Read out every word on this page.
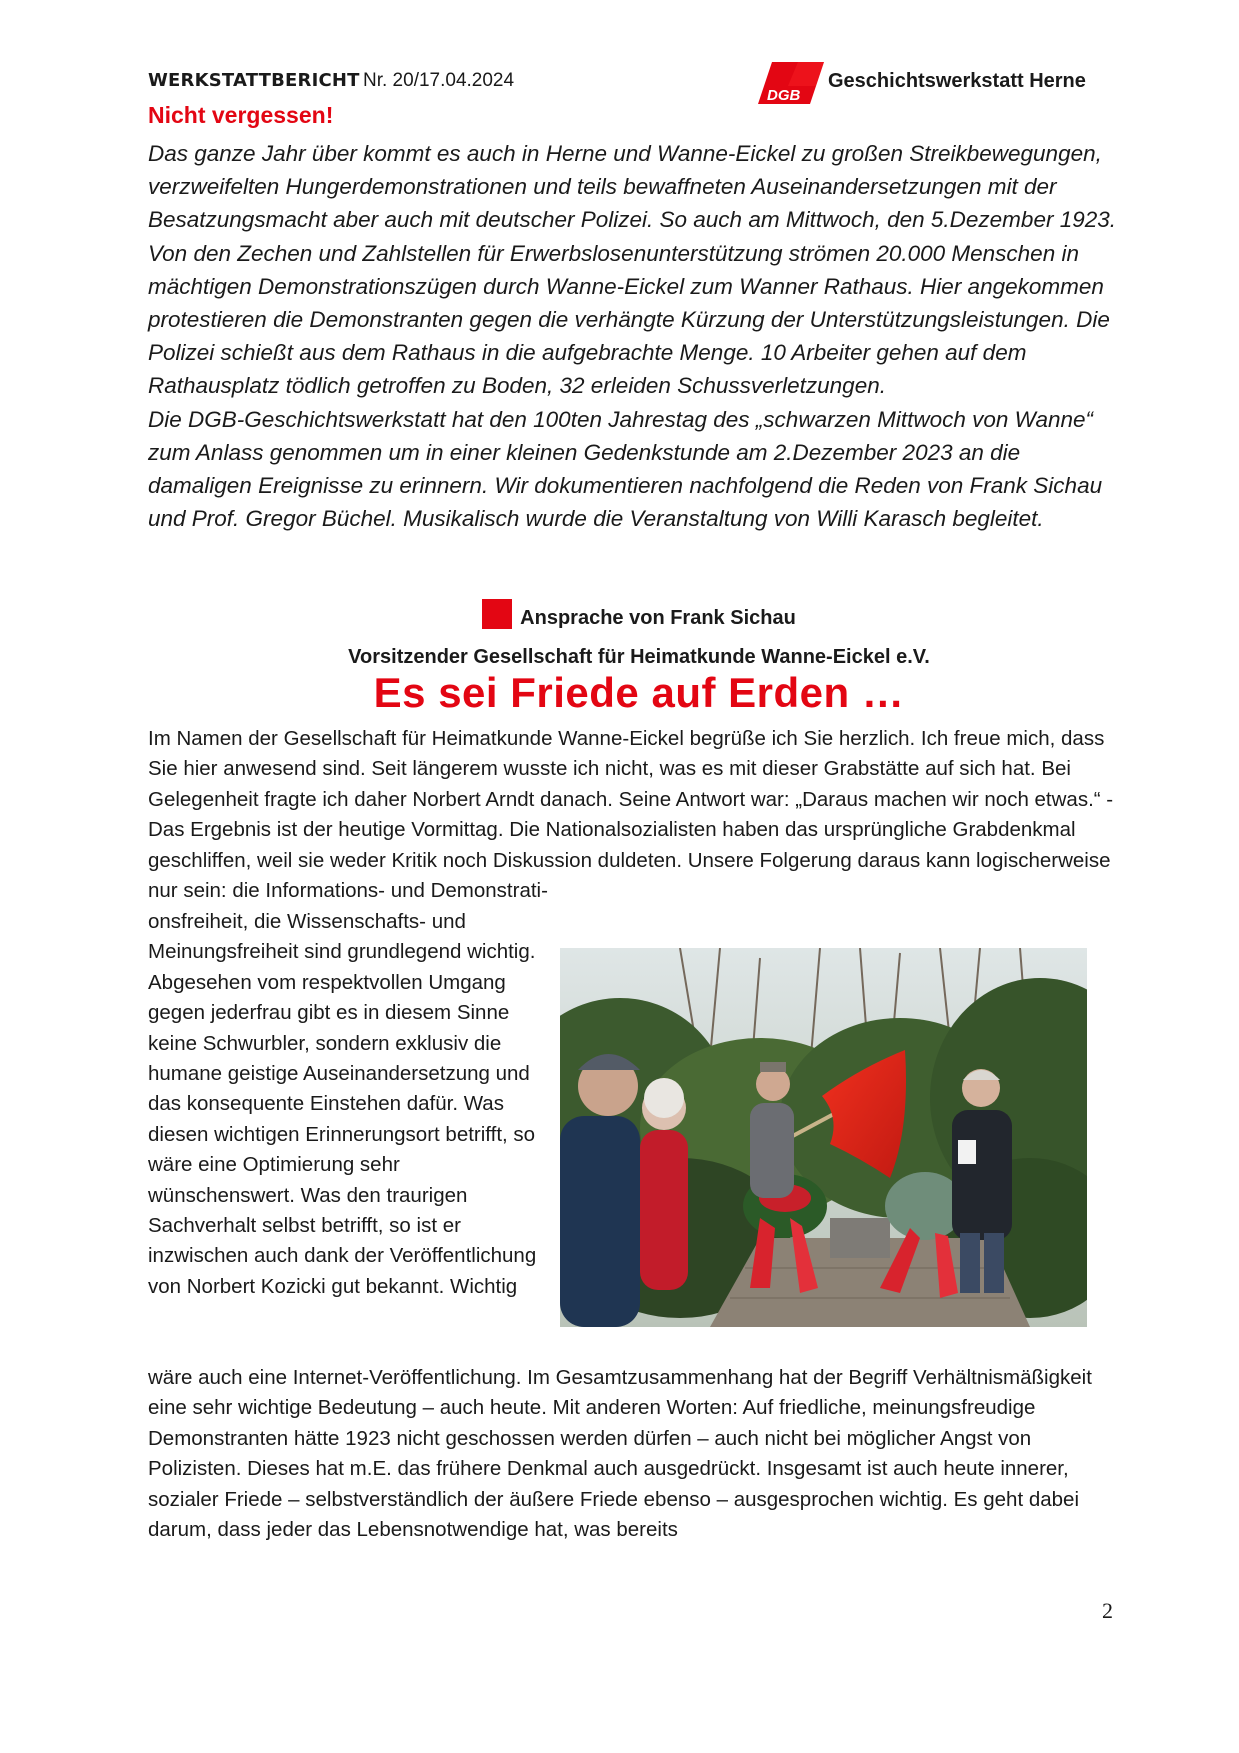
WERKSTATTBERICHT Nr. 20/17.04.2024
DGB
Geschichtswerkstatt Herne
Nicht vergessen!

Das ganze Jahr über kommt es auch in Herne und Wanne-Eickel zu großen Streikbewegungen, verzweifelten Hungerdemonstrationen und teils bewaffneten Auseinandersetzungen mit der Besatzungsmacht aber auch mit deutscher Polizei. So auch am Mittwoch, den 5.Dezember 1923. Von den Zechen und Zahlstellen für Erwerbslosenunterstützung strömen 20.000 Menschen in mächtigen Demonstrationszügen durch Wanne-Eickel zum Wanner Rathaus. Hier angekommen protestieren die Demonstranten gegen die verhängte Kürzung der Unterstützungsleistungen. Die Polizei schießt aus dem Rathaus in die aufgebrachte Menge. 10 Arbeiter gehen auf dem Rathausplatz tödlich getroffen zu Boden, 32 erleiden Schussverletzungen.

Die DGB-Geschichtswerkstatt hat den 100ten Jahrestag des „schwarzen Mittwoch von Wanne“ zum Anlass genommen um in einer kleinen Gedenkstunde am 2.Dezember 2023 an die damaligen Ereignisse zu erinnern. Wir dokumentieren nachfolgend die Reden von Frank Sichau und Prof. Gregor Büchel. Musikalisch wurde die Veranstaltung von Willi Karasch begleitet.

Ansprache von Frank Sichau
Vorsitzender Gesellschaft für Heimatkunde Wanne-Eickel e.V.
Es sei Friede auf Erden …
Im Namen der Gesellschaft für Heimatkunde Wanne-Eickel begrüße ich Sie herzlich. Ich freue mich, dass Sie hier anwesend sind. Seit längerem wusste ich nicht, was es mit dieser Grabstätte auf sich hat. Bei Gelegenheit fragte ich daher Norbert Arndt danach. Seine Antwort war: „Daraus machen wir noch etwas.“ - Das Ergebnis ist der heutige Vormittag. Die Nationalsozialisten haben das ursprüngliche Grabdenkmal geschliffen, weil sie weder Kritik noch Diskussion duldeten. Unsere Folgerung daraus kann logischerweise nur sein: die Informations- und Demonstrati-
onsfreiheit, die Wissenschafts- und Meinungsfreiheit sind grundlegend wichtig. Abgesehen vom respektvollen Umgang gegen jederfrau gibt es in diesem Sinne keine Schwurbler, sondern exklusiv die humane geistige Auseinandersetzung und das konsequente Einstehen dafür. Was diesen wichtigen Erinnerungsort betrifft, so wäre eine Optimierung sehr wünschenswert. Was den traurigen Sachverhalt selbst betrifft, so ist er inzwischen auch dank der Veröffentlichung von Norbert Kozicki gut bekannt. Wichtig
wäre auch eine Internet-Veröffentlichung. Im Gesamtzusammenhang hat der Begriff Verhältnismäßigkeit eine sehr wichtige Bedeutung – auch heute. Mit anderen Worten: Auf friedliche, meinungsfreudige Demonstranten hätte 1923 nicht geschossen werden dürfen – auch nicht bei möglicher Angst von Polizisten. Dieses hat m.E. das frühere Denkmal auch ausgedrückt. Insgesamt ist auch heute innerer, sozialer Friede – selbstverständlich der äußere Friede ebenso – ausgesprochen wichtig. Es geht dabei darum, dass jeder das Lebensnotwendige hat, was bereits
2
